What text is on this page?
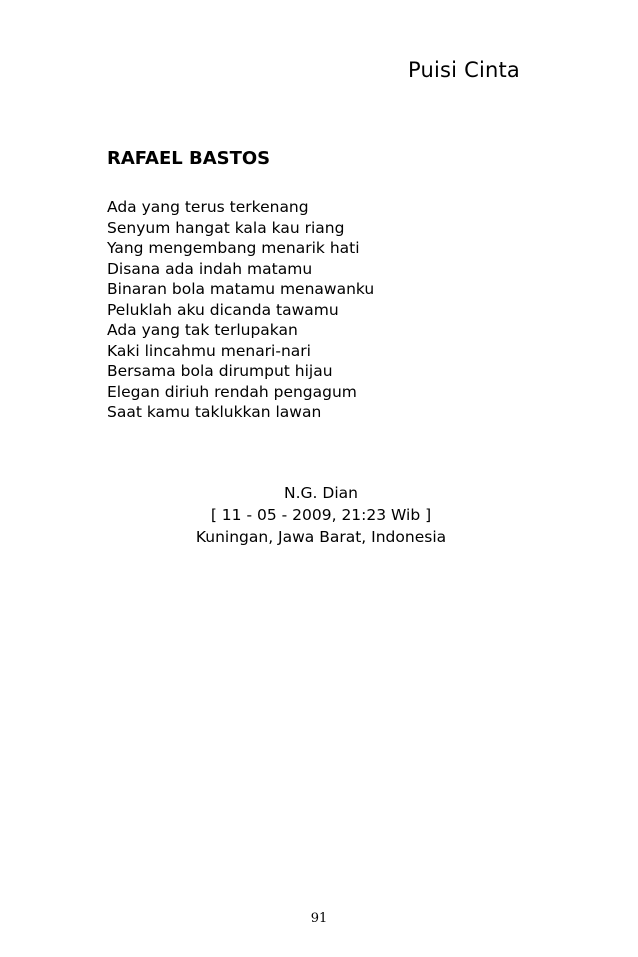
Puisi Cinta
RAFAEL BASTOS
Ada yang terus terkenang
Senyum hangat kala kau riang
Yang mengembang menarik hati
Disana ada indah matamu
Binaran bola matamu menawanku
Peluklah aku dicanda tawamu
Ada yang tak terlupakan
Kaki lincahmu menari-nari
Bersama bola dirumput hijau
Elegan diriuh rendah pengagum
Saat kamu taklukkan lawan
N.G. Dian
[ 11 - 05 - 2009, 21:23 Wib ]
Kuningan, Jawa Barat, Indonesia
91
